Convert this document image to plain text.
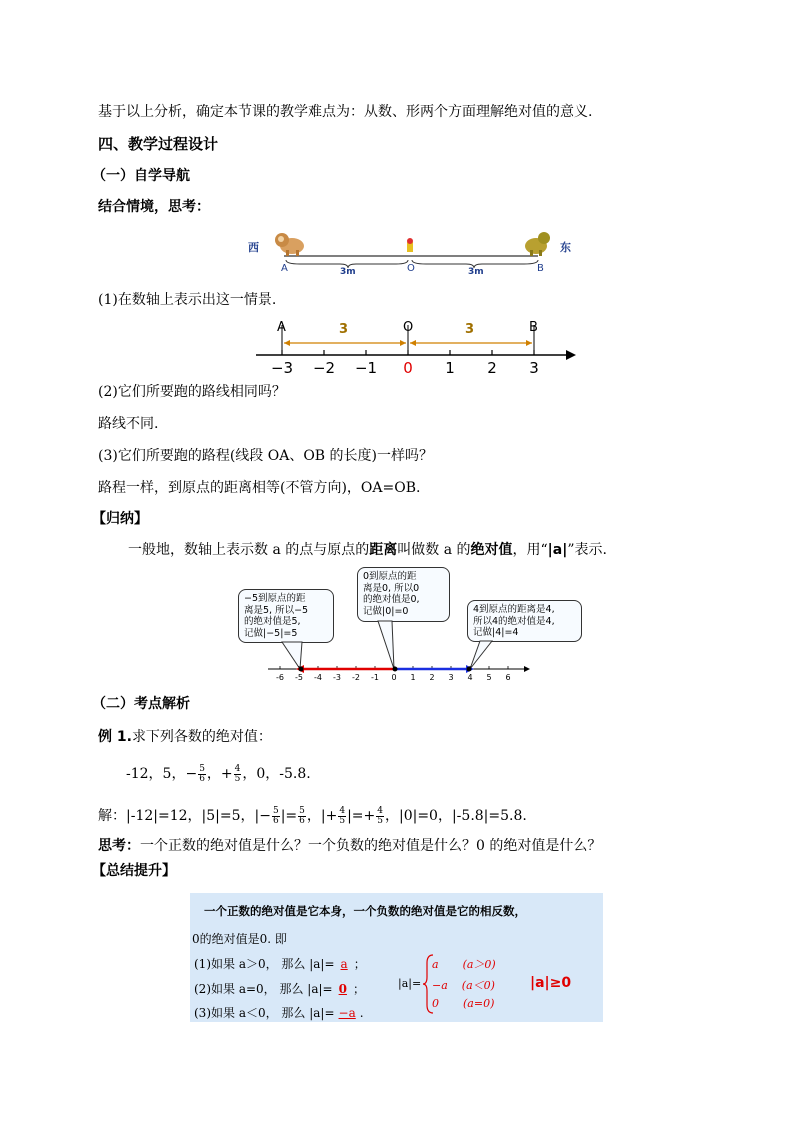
基于以上分析，确定本节课的教学难点为：从数、形两个方面理解绝对值的意义.
四、教学过程设计
（一）自学导航
结合情境，思考：
西	东
A	O	B
3m	3m
(1)在数轴上表示出这一情景.
−3 −2 −1 0 1 2 3
A	O	B
3	3
(2)它们所要跑的路线相同吗？
路线不同.
(3)它们所要跑的路程(线段 OA、OB 的长度)一样吗？
路程一样，到原点的距离相等(不管方向)，OA=OB.
【归纳】
一般地，数轴上表示数 a 的点与原点的距离叫做数 a 的绝对值，用“|a|”表示.
−5到原点的距
离是5, 所以−5
的绝对值是5,
记做|−5|=5
0到原点的距
离是0, 所以0
的绝对值是0,
记做|0|=0	4到原点的距离是4,
所以4的绝对值是4,
记做|4|=4
-6 -5 -4 -3 -2 -1 0 1 2 3 4 5 6
（二）考点解析
例 1.求下列各数的绝对值：
-12，5，− $\frac{5}{6}$ ，+ $\frac{4}{5}$ ，0，-5.8.
解：|-12|=12，|5|=5，|− $\frac{5}{6}$ |= $\frac{5}{6}$ ，|+ $\frac{4}{5}$ |=+ $\frac{4}{5}$ ，|0|=0，|-5.8|=5.8.
思考：一个正数的绝对值是什么？一个负数的绝对值是什么？0 的绝对值是什么？
【总结提升】
一个正数的绝对值是它本身，一个负数的绝对值是它的相反数，
0的绝对值是0. 即
(1)如果 a＞0， 那么 |a|= a ；
(2)如果 a=0， 那么 |a|= 0 ；
(3)如果 a＜0， 那么 |a|= −a .
|a|=
a (a＞0)
−a (a＜0)
0 (a=0)
|a|≥0
